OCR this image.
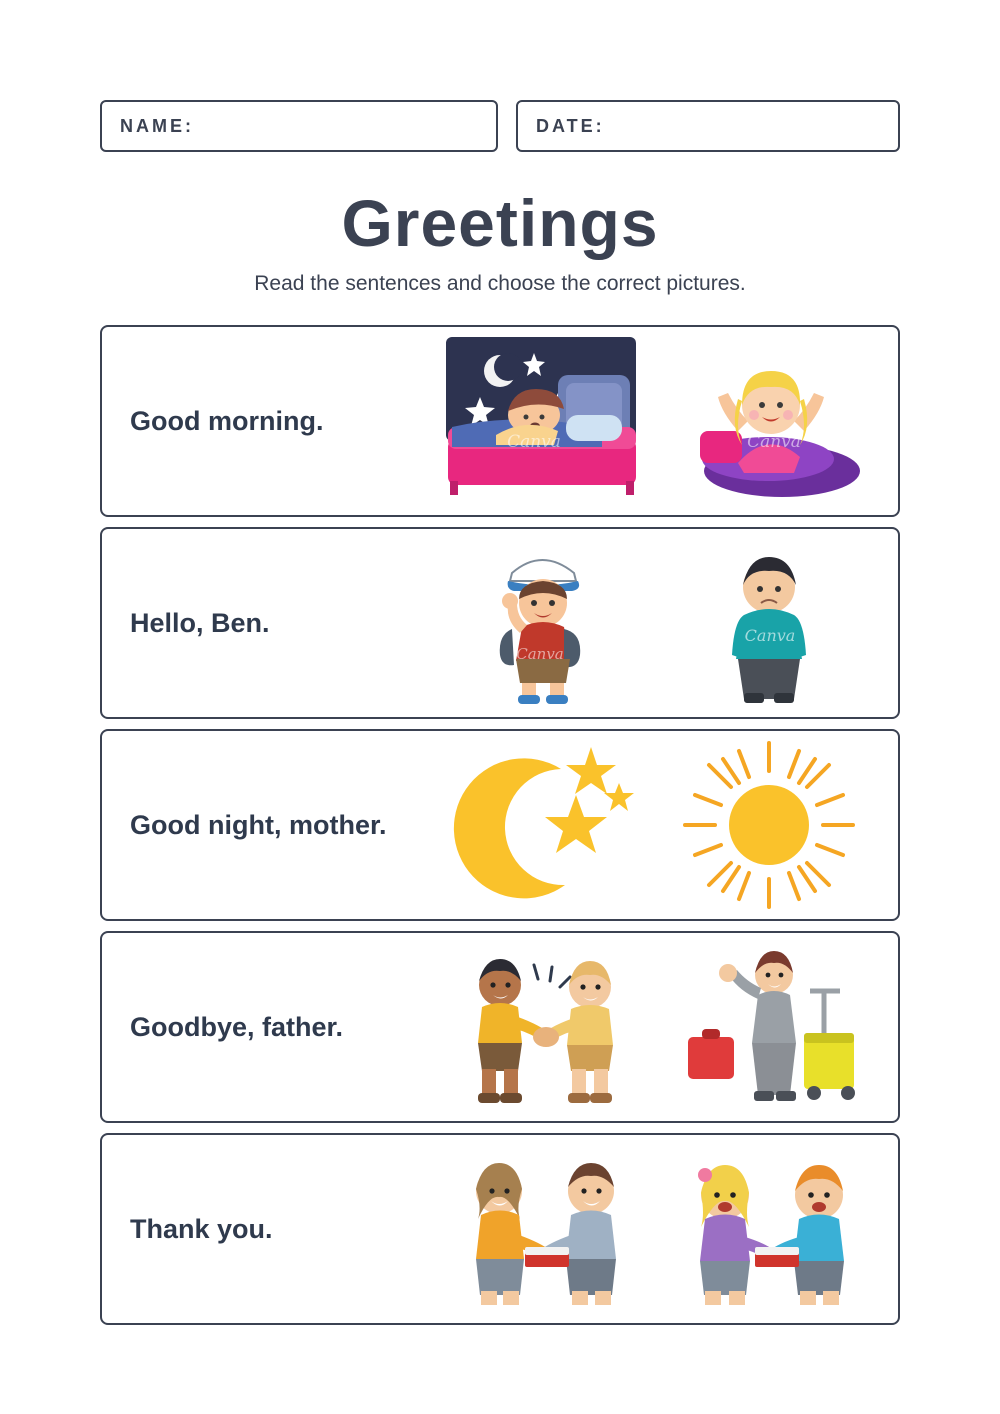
NAME:	DATE:
Greetings
Read the sentences and choose the correct pictures.
Good morning.
Canva	Canva
Hello, Ben.
Canva
Canva
Good night, mother.
Goodbye, father.
Thank you.
